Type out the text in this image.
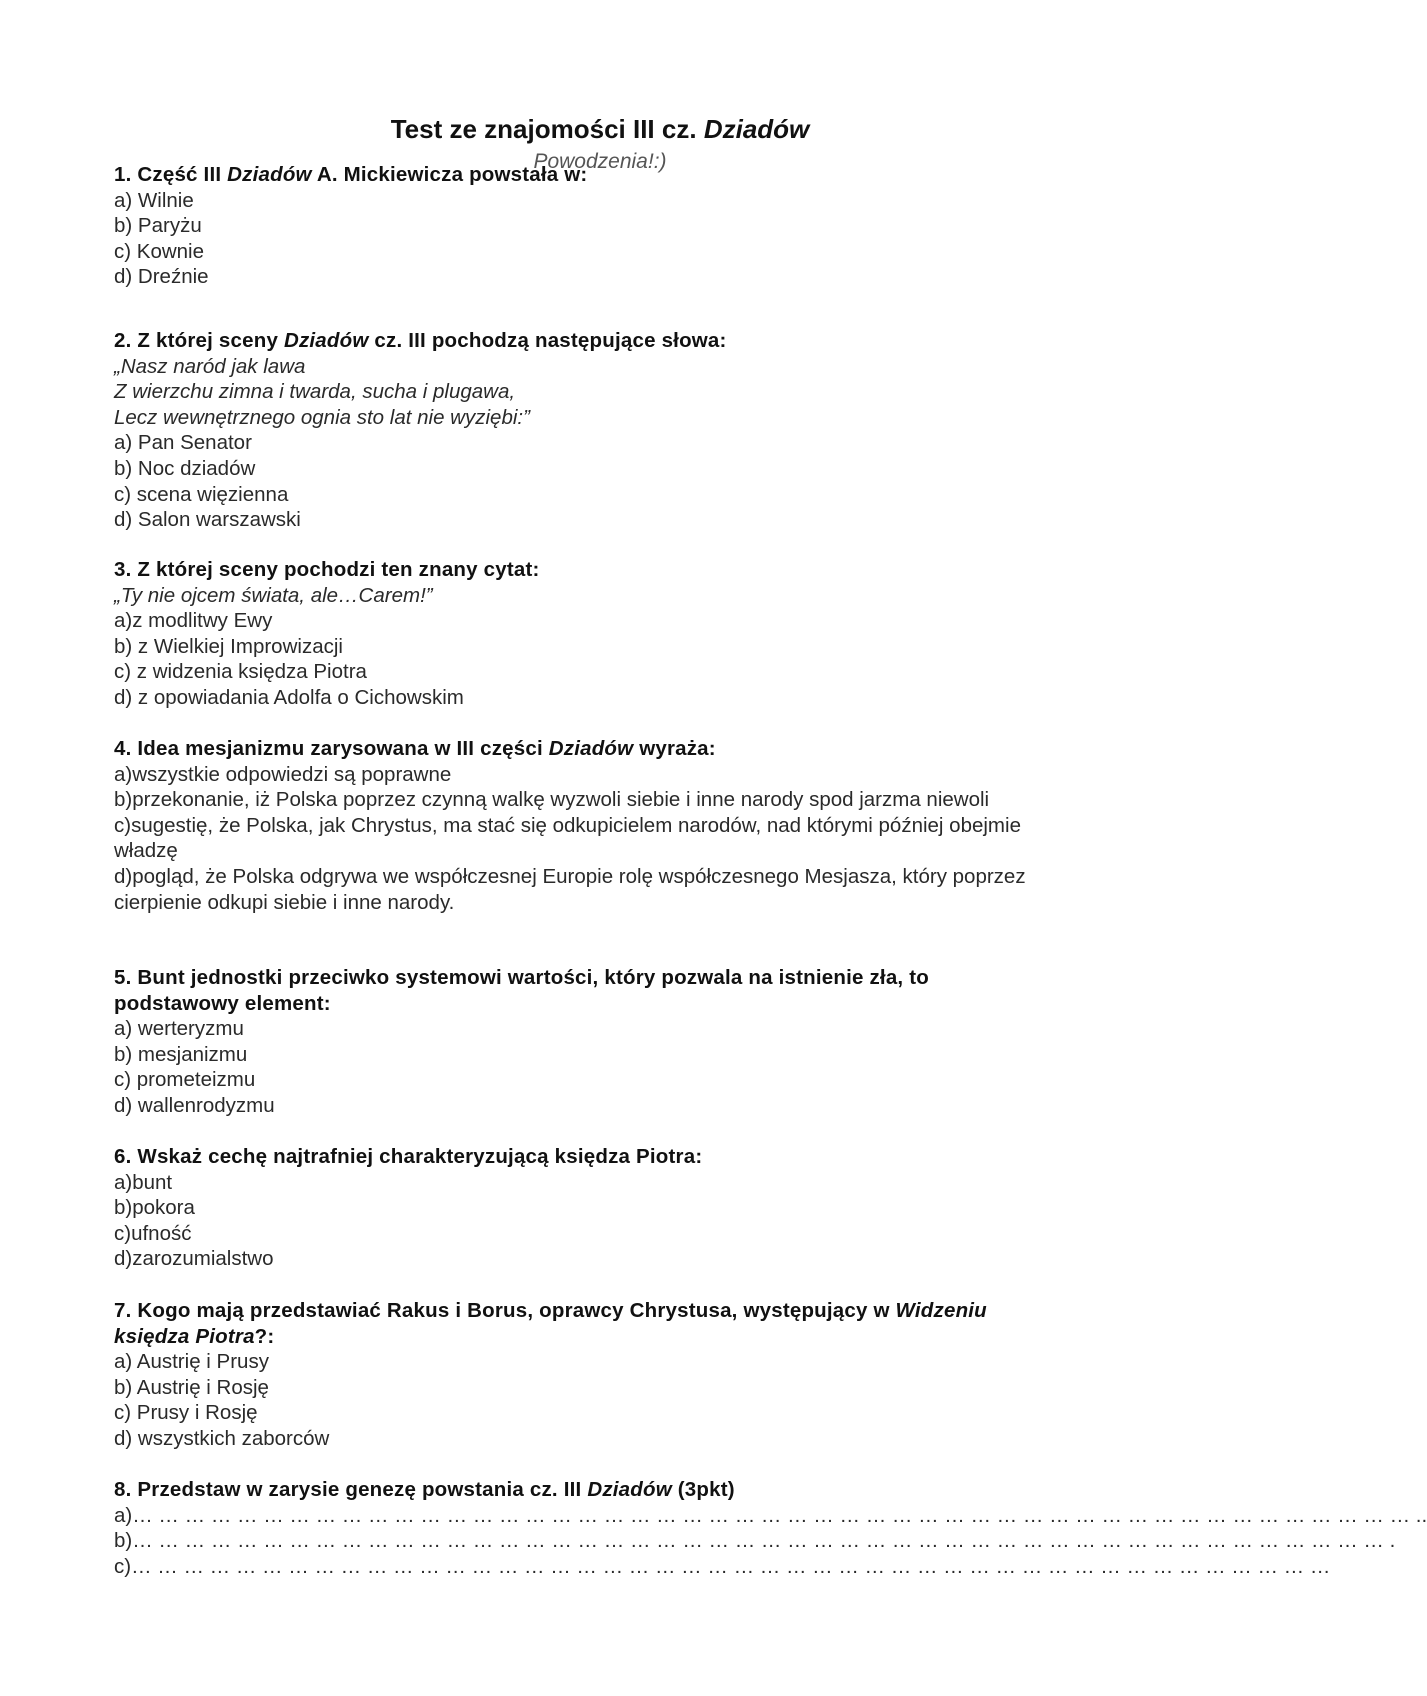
Test ze znajomości III cz. Dziadów
Powodzenia!:)
1. Część III Dziadów A. Mickiewicza powstała w:
a) Wilnie
b) Paryżu
c) Kownie
d) Dreźnie
2. Z której sceny Dziadów cz. III pochodzą następujące słowa:
„Nasz naród jak lawa
Z wierzchu zimna i twarda, sucha i plugawa,
Lecz wewnętrznego ognia sto lat nie wyziębi:”
a) Pan Senator
b) Noc dziadów
c) scena więzienna
d) Salon warszawski
3. Z której sceny pochodzi ten znany cytat:
„Ty nie ojcem świata, ale…Carem!”
a)z modlitwy Ewy
b) z Wielkiej Improwizacji
c) z widzenia księdza Piotra
d) z opowiadania Adolfa o Cichowskim
4. Idea mesjanizmu zarysowana w III części Dziadów wyraża:
a)wszystkie odpowiedzi są poprawne
b)przekonanie, iż Polska poprzez czynną walkę wyzwoli siebie i inne narody spod jarzma niewoli
c)sugestię, że Polska, jak Chrystus, ma stać się odkupicielem narodów, nad którymi później obejmie władzę
d)pogląd, że Polska odgrywa we współczesnej Europie rolę współczesnego Mesjasza, który poprzez cierpienie odkupi siebie i inne narody.
5. Bunt jednostki przeciwko systemowi wartości, który pozwala na istnienie zła, to podstawowy element:
a) werteryzmu
b) mesjanizmu
c) prometeizmu
d) wallenrodyzmu
6. Wskaż cechę najtrafniej charakteryzującą księdza Piotra:
a)bunt
b)pokora
c)ufność
d)zarozumialstwo
7. Kogo mają przedstawiać Rakus i Borus, oprawcy Chrystusa, występujący w Widzeniu księdza Piotra?:
a) Austrię i Prusy
b) Austrię i Rosję
c) Prusy i Rosję
d) wszystkich zaborców
8. Przedstaw w zarysie genezę powstania cz. III Dziadów (3pkt)
a)… … … … … … … … … … … … … … … … … … … … … … … … … … … … … … … … … … … … … … … … … … … … … … … … … ..
b)… … … … … … … … … … … … … … … … … … … … … … … … … … … … … … … … … … … … … … … … … … … … … … … … .
c)… … … … … … … … … … … … … … … … … … … … … … … … … … … … … … … … … … … … … … … … … … … … … …
